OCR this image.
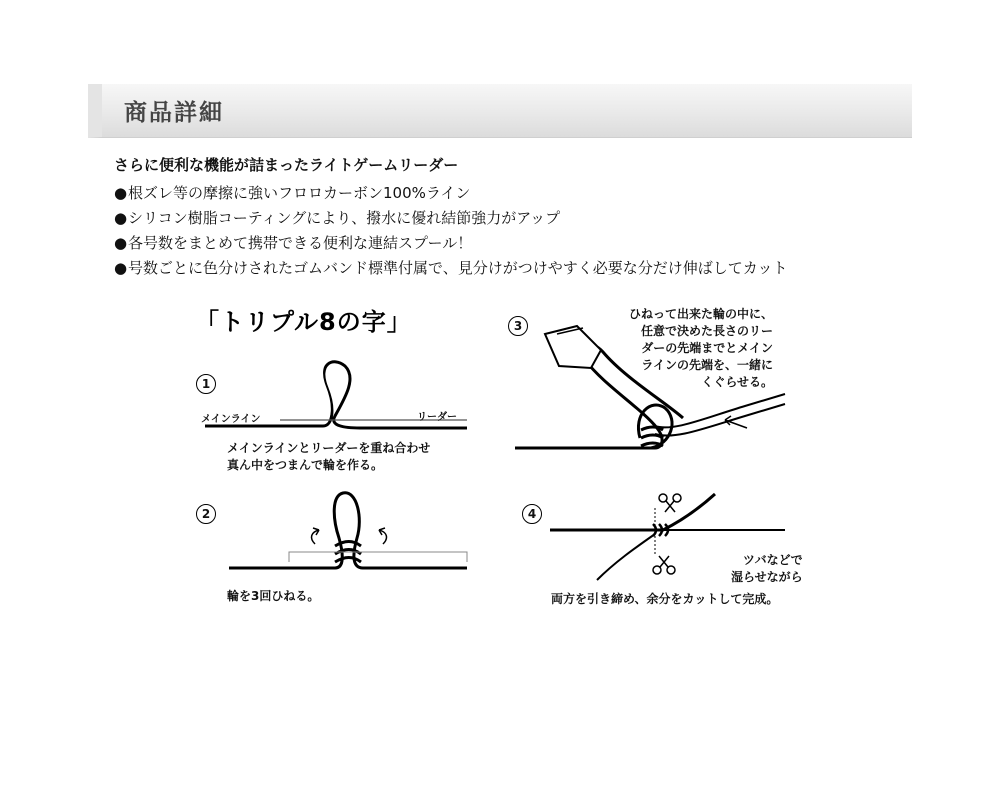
商品詳細

さらに便利な機能が詰まったライトゲームリーダー

●根ズレ等の摩擦に強いフロロカーボン100%ライン
●シリコン樹脂コーティングにより、撥水に優れ結節強力がアップ
●各号数をまとめて携帯できる便利な連結スプール！
●号数ごとに色分けされたゴムバンド標準付属で、見分けがつけやすく必要な分だけ伸ばしてカット
「トリプル8の字」
1
メインライン	リーダー
メインラインとリーダーを重ね合わせ
真ん中をつまんで輪を作る。
2
輪を3回ひねる。
3
ひねって出来た輪の中に、
任意で決めた長さのリー
ダーの先端までとメイン
ラインの先端を、一緒に
くぐらせる。
4
ツバなどで
湿らせながら
両方を引き締め、余分をカットして完成。
